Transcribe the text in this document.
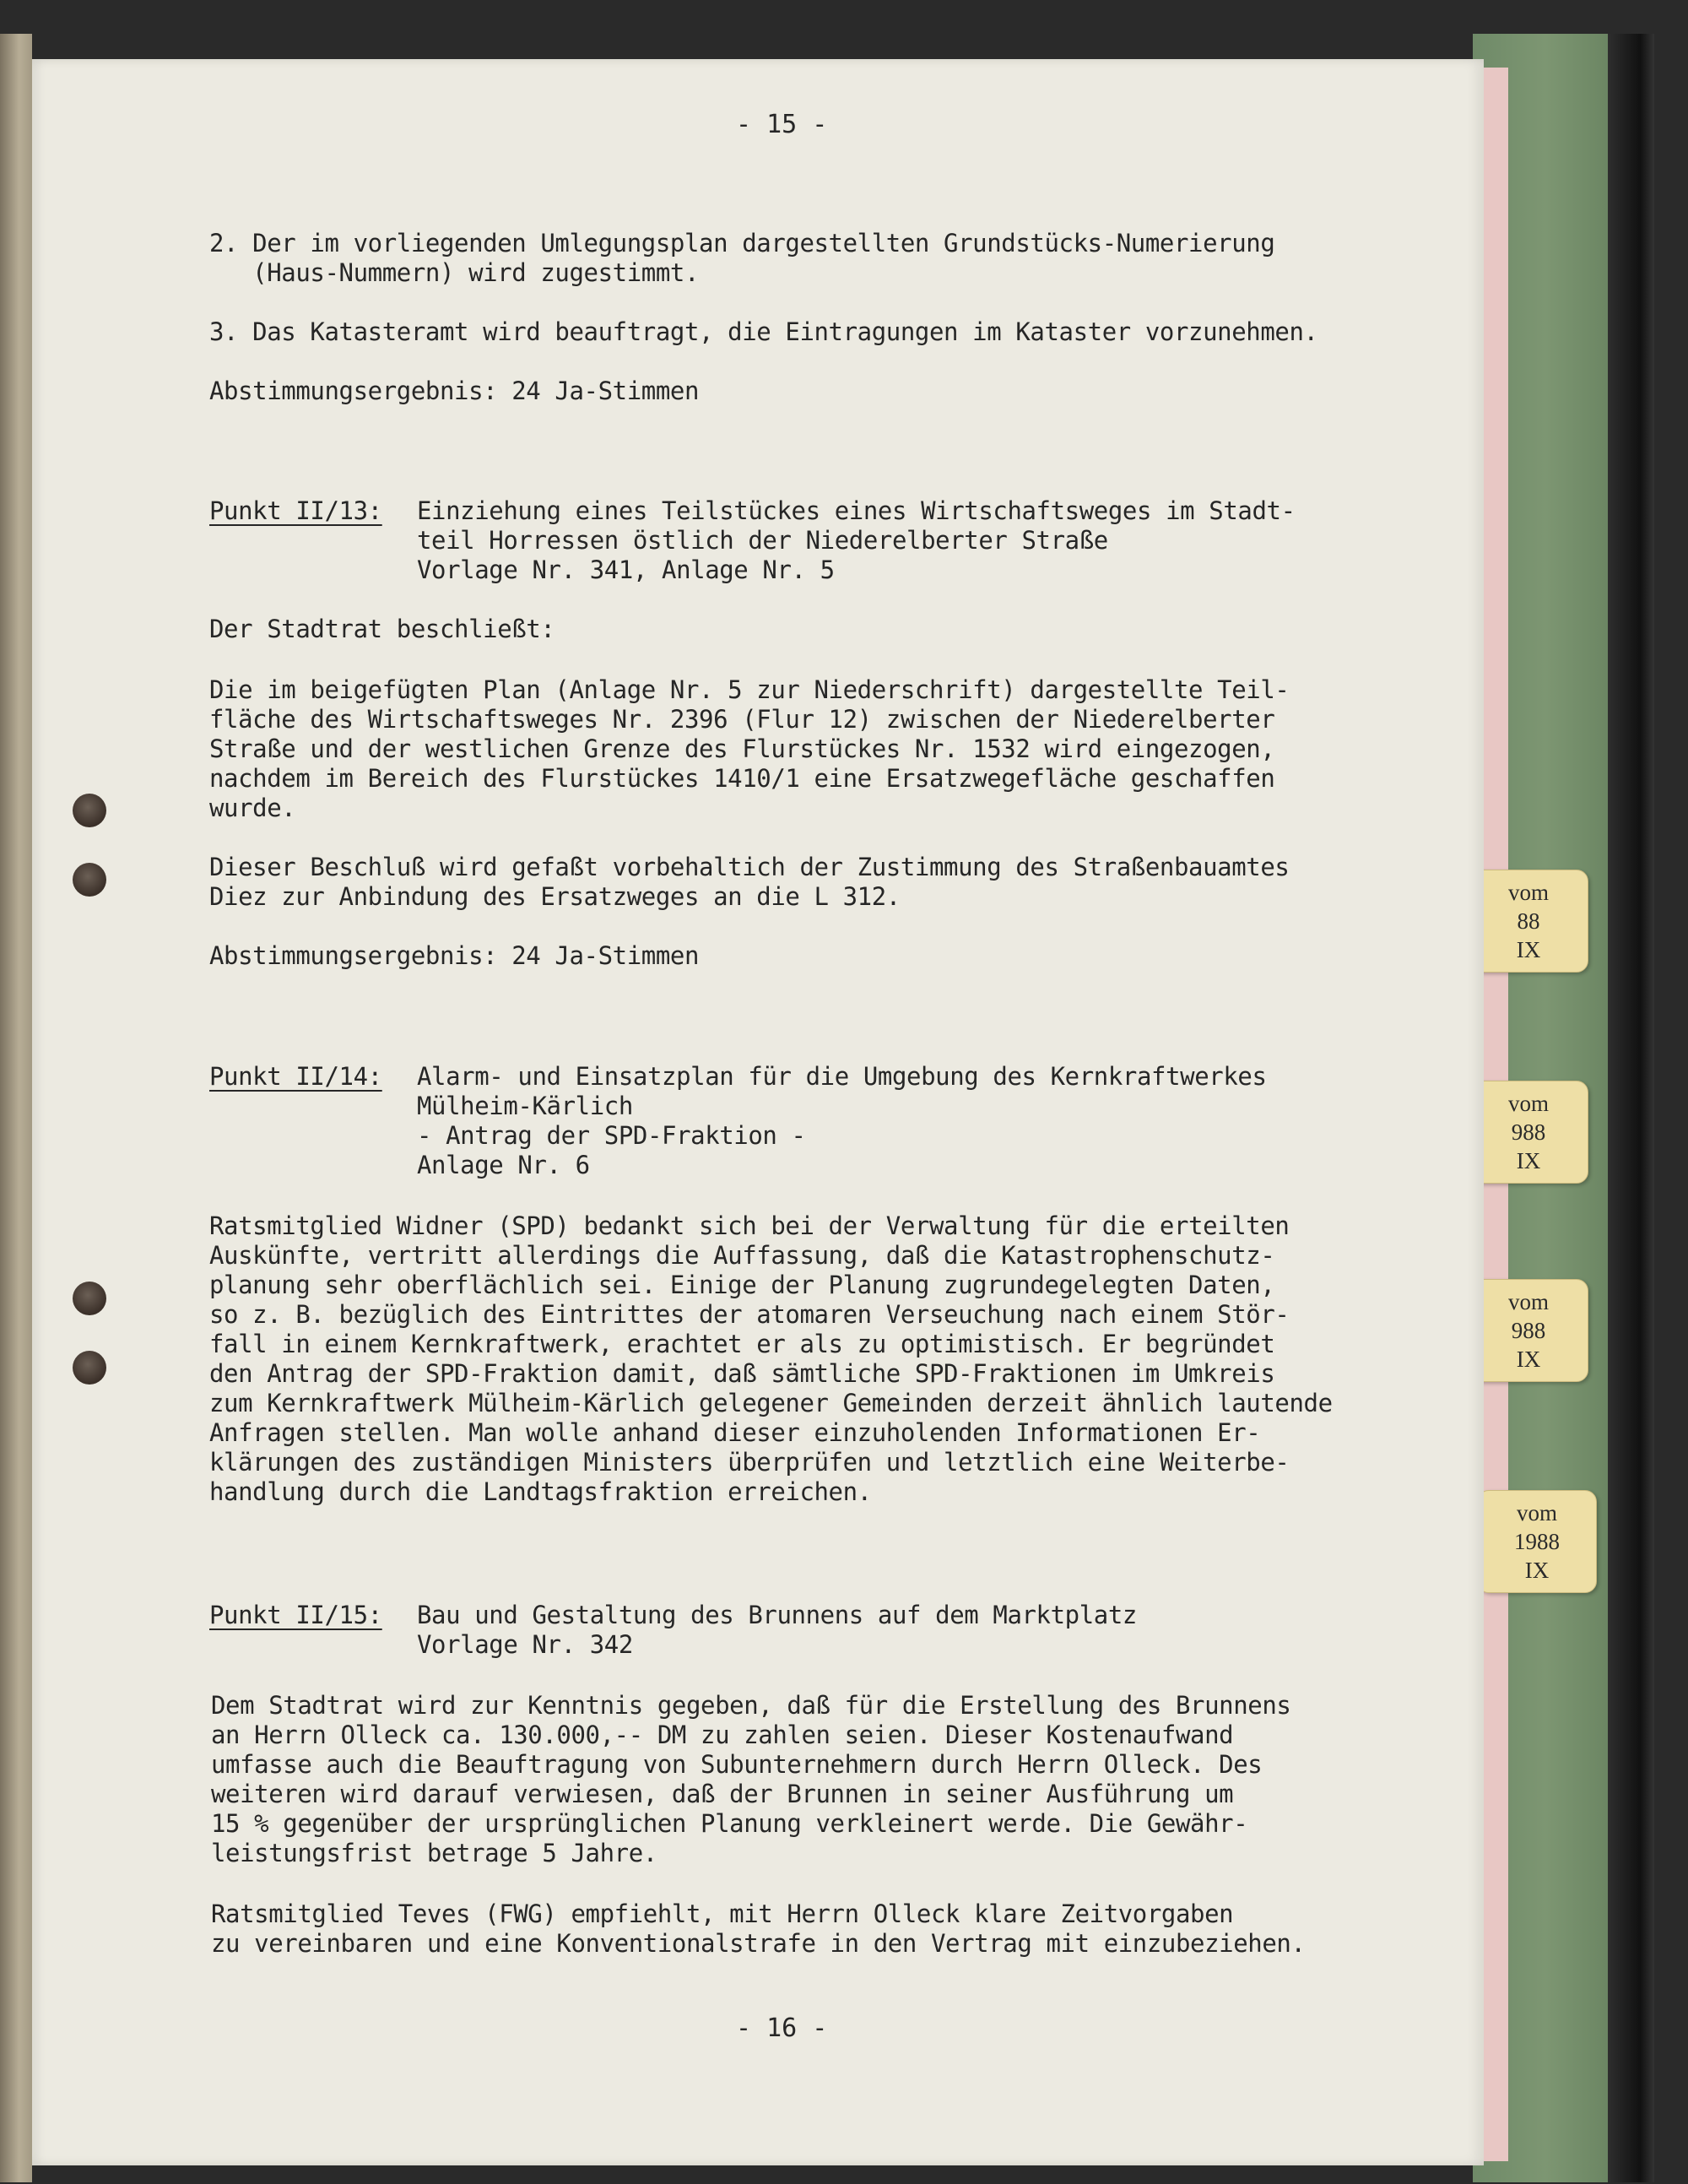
vom
88
IX
vom
988
IX
vom
988
IX
vom
1988
IX
- 15 -
- 16 -
2. Der im vorliegenden Umlegungsplan dargestellten Grundstücks-Numerierung
(Haus-Nummern) wird zugestimmt.
3. Das Katasteramt wird beauftragt, die Eintragungen im Kataster vorzunehmen.
Abstimmungsergebnis: 24 Ja-Stimmen
Punkt II/13: Einziehung eines Teilstückes eines Wirtschaftsweges im Stadt-
teil Horressen östlich der Niederelberter Straße
Vorlage Nr. 341, Anlage Nr. 5
Der Stadtrat beschließt:
Die im beigefügten Plan (Anlage Nr. 5 zur Niederschrift) dargestellte Teil-
fläche des Wirtschaftsweges Nr. 2396 (Flur 12) zwischen der Niederelberter
Straße und der westlichen Grenze des Flurstückes Nr. 1532 wird eingezogen,
nachdem im Bereich des Flurstückes 1410/1 eine Ersatzwegefläche geschaffen
wurde.
Dieser Beschluß wird gefaßt vorbehaltich der Zustimmung des Straßenbauamtes
Diez zur Anbindung des Ersatzweges an die L 312.
Abstimmungsergebnis: 24 Ja-Stimmen
Punkt II/14: Alarm- und Einsatzplan für die Umgebung des Kernkraftwerkes
Mülheim-Kärlich
- Antrag der SPD-Fraktion -
Anlage Nr. 6
Ratsmitglied Widner (SPD) bedankt sich bei der Verwaltung für die erteilten
Auskünfte, vertritt allerdings die Auffassung, daß die Katastrophenschutz-
planung sehr oberflächlich sei. Einige der Planung zugrundegelegten Daten,
so z. B. bezüglich des Eintrittes der atomaren Verseuchung nach einem Stör-
fall in einem Kernkraftwerk, erachtet er als zu optimistisch. Er begründet
den Antrag der SPD-Fraktion damit, daß sämtliche SPD-Fraktionen im Umkreis
zum Kernkraftwerk Mülheim-Kärlich gelegener Gemeinden derzeit ähnlich lautende
Anfragen stellen. Man wolle anhand dieser einzuholenden Informationen Er-
klärungen des zuständigen Ministers überprüfen und letztlich eine Weiterbe-
handlung durch die Landtagsfraktion erreichen.
Punkt II/15: Bau und Gestaltung des Brunnens auf dem Marktplatz
Vorlage Nr. 342
Dem Stadtrat wird zur Kenntnis gegeben, daß für die Erstellung des Brunnens
an Herrn Olleck ca. 130.000,-- DM zu zahlen seien. Dieser Kostenaufwand
umfasse auch die Beauftragung von Subunternehmern durch Herrn Olleck. Des
weiteren wird darauf verwiesen, daß der Brunnen in seiner Ausführung um
15 % gegenüber der ursprünglichen Planung verkleinert werde. Die Gewähr-
leistungsfrist betrage 5 Jahre.
Ratsmitglied Teves (FWG) empfiehlt, mit Herrn Olleck klare Zeitvorgaben
zu vereinbaren und eine Konventionalstrafe in den Vertrag mit einzubeziehen.
